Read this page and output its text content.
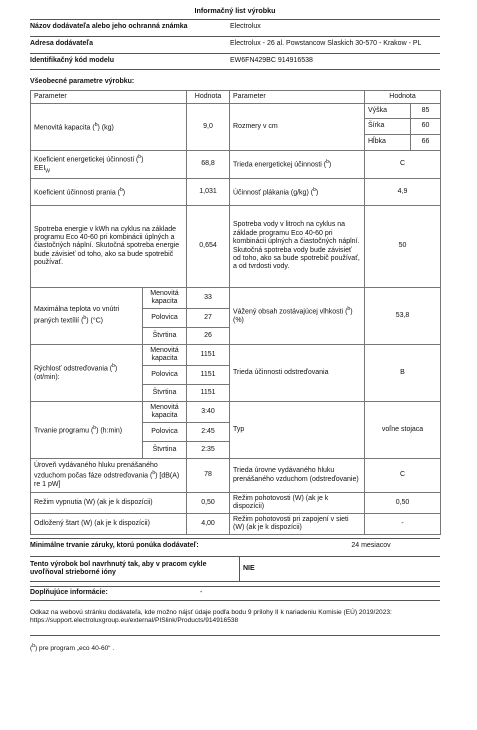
Informačný list výrobku
Názov dodávateľa alebo jeho ochranná známka	Electrolux
Adresa dodávateľa	Electrolux - 26 al. Powstancow Slaskich 30-570 - Krakow - PL
Identifikačný kód modelu	EW6FN429BC 914916538
Všeobecné parametre výrobku:
Parameter		Hodnota	Parameter	Hodnota	
Menovitá kapacita ($^b$) (kg)		9,0	Rozmery v cm	Výška	85
				Šírka	60
				Hĺbka	66
Koeficient energetickej účinnosti ($^b$)
$EEI_W$		68,8	Trieda energetickej účinnosti ($^b$)	C	
Koeficient účinnosti prania ($^b$)		1,031	Účinnosť plákania (g/kg) ($^b$)	4,9	
Spotreba energie v kWh na cyklus na základe programu Eco 40-60 pri kombinácii úplných a čiastočných náplní. Skutočná spotreba energie bude závisieť od toho, ako sa bude spotrebič používať.		0,654	Spotreba vody v litroch na cyklus na základe programu Eco 40-60 pri kombinácii úplných a čiastočných náplní. Skutočná spotreba vody bude závisieť od toho, ako sa bude spotrebič používať, a od tvrdosti vody.	50	
Maximálna teplota vo vnútri praných textílií ($^b$) (°C)	Menovitá kapacita	33	Vážený obsah zostávajúcej vlhkosti ($^b$) (%)	53,8	
	Polovica	27			
	Štvrtina	26			
Rýchlosť odstreďovania ($^b$) (ot/min):	Menovitá kapacita	1151	Trieda účinnosti odstreďovania	B	
	Polovica	1151			
	Štvrtina	1151			
Trvanie programu ($^b$) (h:min)	Menovitá kapacita	3:40	Typ	voľne stojaca	
	Polovica	2:45			
	Štvrtina	2:35			
Úroveň vydávaného hluku prenášaného vzduchom počas fáze odstreďovania ($^b$) [dB(A) re 1 pW]		78	Trieda úrovne vydávaného hluku prenášaného vzduchom (odstreďovanie)	C	
Režim vypnutia (W) (ak je k dispozícii)		0,50	Režim pohotovosti (W) (ak je k dispozícii)	0,50	
Odložený štart (W) (ak je k dispozícii)		4,00	Režim pohotovosti pri zapojení v sieti (W) (ak je k dispozícii)	-	
Minimálne trvanie záruky, ktorú ponúka dodávateľ:	24 mesiacov
Tento výrobok bol navrhnutý tak, aby v pracom cykle uvoľňoval strieborné ióny
NIE
Doplňujúce informácie:	-
Odkaz na webovú stránku dodávateľa, kde možno nájsť údaje podľa bodu 9 prílohy II k nariadeniu Komisie (EÚ) 2019/2023: https://support.electroluxgroup.eu/external/PISlink/Products/914916538
($^b$) pre program „eco 40-60“ .
